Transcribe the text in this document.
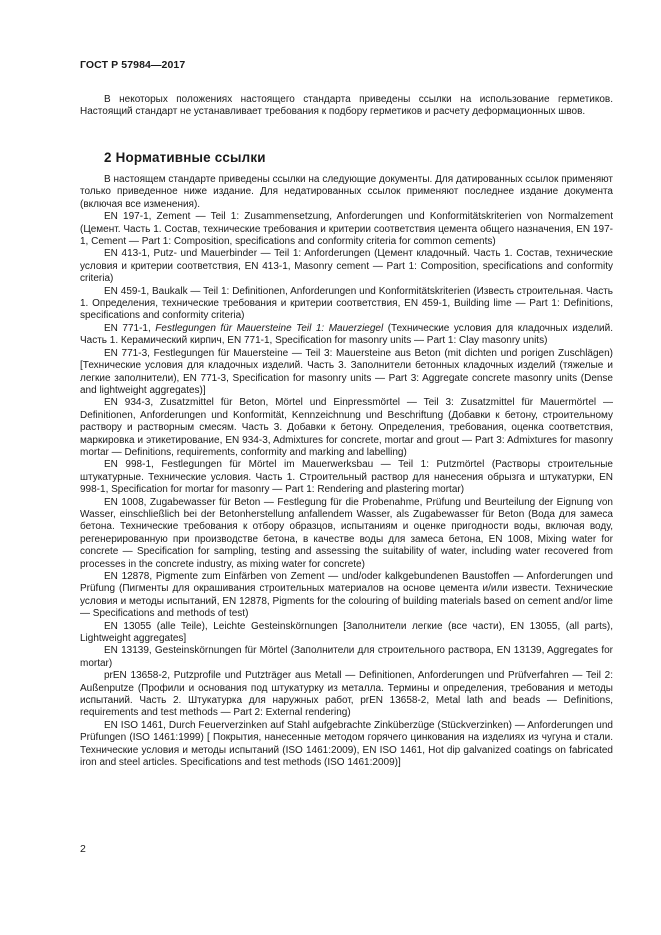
ГОСТ Р 57984—2017

В некоторых положениях настоящего стандарта приведены ссылки на использование герметиков. Настоящий стандарт не устанавливает требования к подбору герметиков и расчету деформационных швов.

2 Нормативные ссылки

В настоящем стандарте приведены ссылки на следующие документы. Для датированных ссылок применяют только приведенное ниже издание. Для недатированных ссылок применяют последнее издание документа (включая все изменения).

EN 197-1, Zement — Teil 1: Zusammensetzung, Anforderungen und Konformitätskriterien von Normalzement (Цемент. Часть 1. Состав, технические требования и критерии соответствия цемента общего назначения, EN 197-1, Cement — Part 1: Composition, specifications and conformity criteria for common cements)

EN 413-1, Putz- und Mauerbinder — Teil 1: Anforderungen (Цемент кладочный. Часть 1. Состав, технические условия и критерии соответствия, EN 413-1, Masonry cement — Part 1: Composition, specifications and conformity criteria)

EN 459-1, Baukalk — Teil 1: Definitionen, Anforderungen und Konformitätskriterien (Известь строительная. Часть 1. Определения, технические требования и критерии соответствия, EN 459-1, Building lime — Part 1: Definitions, specifications and conformity criteria)

EN 771-1, Festlegungen für Mauersteine Teil 1: Mauerziegel (Технические условия для кладочных изделий. Часть 1. Керамический кирпич, EN 771-1, Specification for masonry units — Part 1: Clay masonry units)

EN 771-3, Festlegungen für Mauersteine — Teil 3: Mauersteine aus Beton (mit dichten und porigen Zuschlägen) [Технические условия для кладочных изделий. Часть 3. Заполнители бетонных кладочных изделий (тяжелые и легкие заполнители), EN 771-3, Specification for masonry units — Part 3: Aggregate concrete masonry units (Dense and lightweight aggregates)]

EN 934-3, Zusatzmittel für Beton, Mörtel und Einpressmörtel — Teil 3: Zusatzmittel für Mauermörtel — Definitionen, Anforderungen und Konformität, Kennzeichnung und Beschriftung (Добавки к бетону, строительному раствору и растворным смесям. Часть 3. Добавки к бетону. Определения, требования, оценка соответствия, маркировка и этикетирование, EN 934-3, Admixtures for concrete, mortar and grout — Part 3: Admixtures for masonry mortar — Definitions, requirements, conformity and marking and labelling)

EN 998-1, Festlegungen für Mörtel im Mauerwerksbau — Teil 1: Putzmörtel (Растворы строительные штукатурные. Технические условия. Часть 1. Строительный раствор для нанесения обрызга и штукатурки, EN 998-1, Specification for mortar for masonry — Part 1: Rendering and plastering mortar)

EN 1008, Zugabewasser für Beton — Festlegung für die Probenahme, Prüfung und Beurteilung der Eignung von Wasser, einschließlich bei der Betonherstellung anfallendem Wasser, als Zugabewasser für Beton (Вода для замеса бетона. Технические требования к отбору образцов, испытаниям и оценке пригодности воды, включая воду, регенерированную при производстве бетона, в качестве воды для замеса бетона, EN 1008, Mixing water for concrete — Specification for sampling, testing and assessing the suitability of water, including water recovered from processes in the concrete industry, as mixing water for concrete)

EN 12878, Pigmente zum Einfärben von Zement — und/oder kalkgebundenen Baustoffen — Anforderungen und Prüfung (Пигменты для окрашивания строительных материалов на основе цемента и/или извести. Технические условия и методы испытаний, EN 12878, Pigments for the colouring of building materials based on cement and/or lime — Specifications and methods of test)

EN 13055 (alle Teile), Leichte Gesteinskörnungen [Заполнители легкие (все части), EN 13055, (all parts), Lightweight aggregates]

EN 13139, Gesteinskörnungen für Mörtel (Заполнители для строительного раствора, EN 13139, Aggregates for mortar)

prEN 13658-2, Putzprofile und Putzträger aus Metall — Definitionen, Anforderungen und Prüfverfahren — Teil 2: Außenputze (Профили и основания под штукатурку из металла. Термины и определения, требования и методы испытаний. Часть 2. Штукатурка для наружных работ, prEN 13658-2, Metal lath and beads — Definitions, requirements and test methods — Part 2: External rendering)

EN ISO 1461, Durch Feuerverzinken auf Stahl aufgebrachte Zinküberzüge (Stückverzinken) — Anforderungen und Prüfungen (ISO 1461:1999) [ Покрытия, нанесенные методом горячего цинкования на изделиях из чугуна и стали. Технические условия и методы испытаний (ISO 1461:2009), EN ISO 1461, Hot dip galvanized coatings on fabricated iron and steel articles. Specifications and test methods (ISO 1461:2009)]

2
